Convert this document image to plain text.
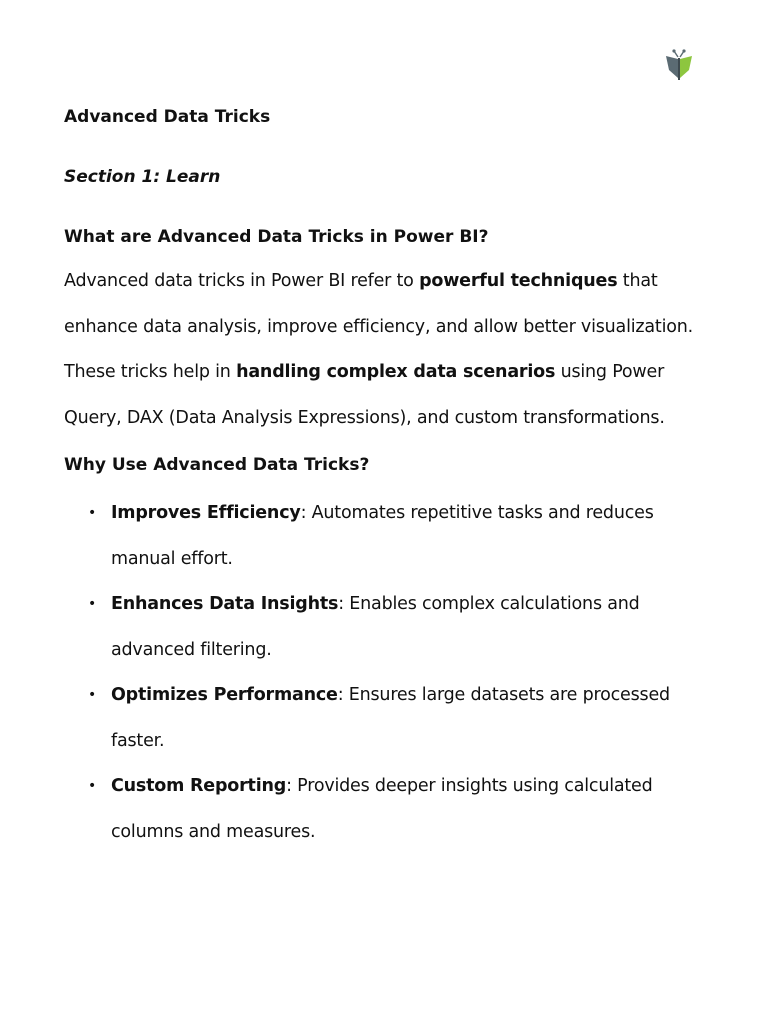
Advanced Data Tricks

Section 1: Learn

What are Advanced Data Tricks in Power BI?

Advanced data tricks in Power BI refer to powerful techniques that enhance data analysis, improve efficiency, and allow better visualization. These tricks help in handling complex data scenarios using Power Query, DAX (Data Analysis Expressions), and custom transformations.

Why Use Advanced Data Tricks?

• Improves Efficiency: Automates repetitive tasks and reduces manual effort.
• Enhances Data Insights: Enables complex calculations and advanced filtering.
• Optimizes Performance: Ensures large datasets are processed faster.
• Custom Reporting: Provides deeper insights using calculated columns and measures.
